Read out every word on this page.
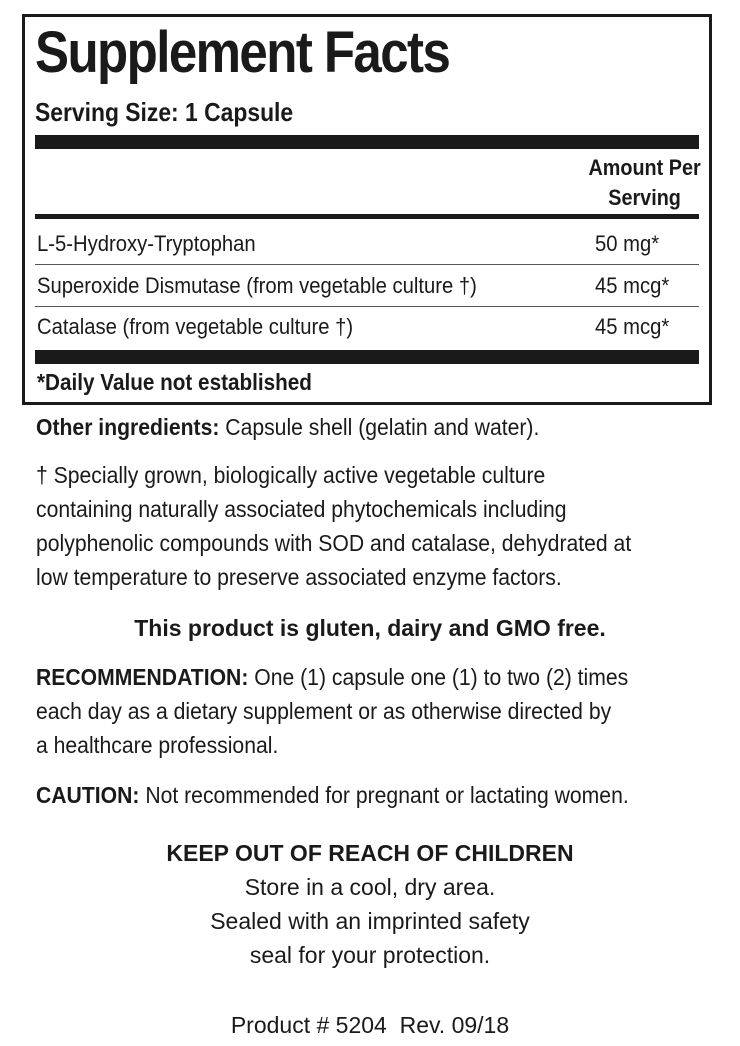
Supplement Facts
Serving Size: 1 Capsule
Amount Per
Serving
L-5-Hydroxy-Tryptophan	50 mg*
Superoxide Dismutase (from vegetable culture †)	45 mcg*
Catalase (from vegetable culture †)	45 mcg*
*Daily Value not established
Other ingredients: Capsule shell (gelatin and water).
† Specially grown, biologically active vegetable culture
containing naturally associated phytochemicals including
polyphenolic compounds with SOD and catalase, dehydrated at
low temperature to preserve associated enzyme factors.
This product is gluten, dairy and GMO free.
RECOMMENDATION: One (1) capsule one (1) to two (2) times
each day as a dietary supplement or as otherwise directed by
a healthcare professional.
CAUTION: Not recommended for pregnant or lactating women.
KEEP OUT OF REACH OF CHILDREN
Store in a cool, dry area.
Sealed with an imprinted safety
seal for your protection.
Product # 5204  Rev. 09/18
